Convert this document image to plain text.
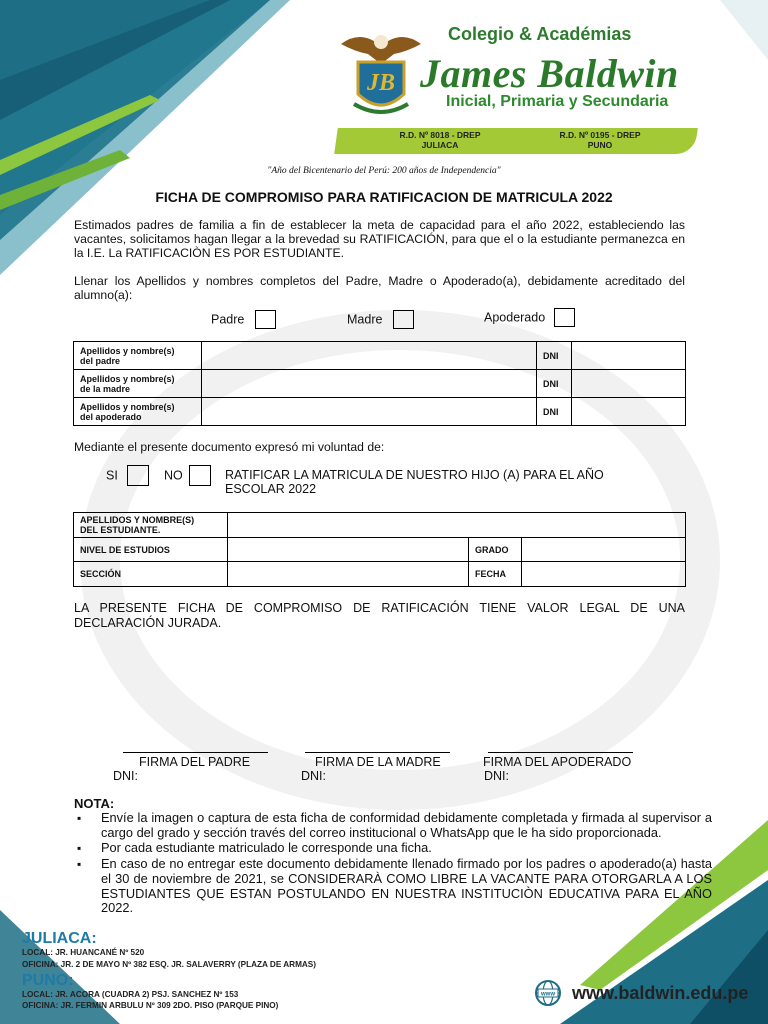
JB
Colegio & Académias
James Baldwin
Inicial, Primaria y Secundaria
R.D. Nº 8018 - DREP
JULIACA
R.D. Nº 0195 - DREP
PUNO
"Año del Bicentenario del Perú: 200 años de Independencia"
FICHA DE COMPROMISO PARA RATIFICACION DE MATRICULA 2022
Estimados padres de familia a fin de establecer la meta de capacidad para el año 2022, estableciendo las vacantes, solicitamos hagan llegar a la brevedad su RATIFICACIÓN, para que el o la estudiante permanezca en la I.E. La RATIFICACIÒN ES POR ESTUDIANTE.
Llenar los Apellidos y nombres completos del Padre, Madre o Apoderado(a), debidamente acreditado del alumno(a):
Padre	Madre	Apoderado
Apellidos y nombre(s)
del padre		DNI	
Apellidos y nombre(s)
de la madre		DNI	
Apellidos y nombre(s)
del apoderado		DNI	
Mediante el presente documento expresó mi voluntad de:
SI	NO	RATIFICAR LA MATRICULA DE NUESTRO HIJO (A) PARA EL AÑO
ESCOLAR 2022
APELLIDOS Y NOMBRE(S)
DEL ESTUDIANTE.			
NIVEL DE ESTUDIOS		GRADO	
SECCIÓN		FECHA	
LA PRESENTE FICHA DE COMPROMISO DE RATIFICACIÓN TIENE VALOR LEGAL DE UNA DECLARACIÓN JURADA.
FIRMA DEL PADRE	FIRMA DE LA MADRE	FIRMA DEL APODERADO
DNI:	DNI:	DNI:
NOTA:
▪ Envíe la imagen o captura de esta ficha de conformidad debidamente completada y firmada al supervisor a cargo del grado y sección través del correo institucional o WhatsApp que le ha sido proporcionada.
▪ Por cada estudiante matriculado le corresponde una ficha.
▪ En caso de no entregar este documento debidamente llenado firmado por los padres o apoderado(a) hasta el 30 de noviembre de 2021, se CONSIDERARÀ COMO LIBRE LA VACANTE PARA OTORGARLA A LOS ESTUDIANTES QUE ESTAN POSTULANDO EN NUESTRA INSTITUCIÒN EDUCATIVA PARA EL AÑO 2022.
JULIACA:
LOCAL: JR. HUANCANÉ Nº 520
OFICINA: JR. 2 DE MAYO Nº 382 ESQ. JR. SALAVERRY (PLAZA DE ARMAS)
PUNO:
LOCAL: JR. ACORA (CUADRA 2) PSJ. SANCHEZ Nº 153
OFICINA: JR. FERMIN ARBULU Nº 309 2DO. PISO (PARQUE PINO)
www www.baldwin.edu.pe
